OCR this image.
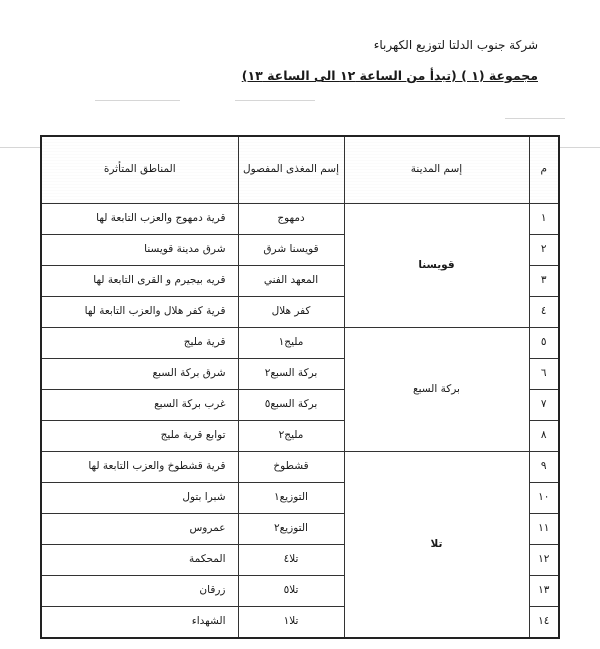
شركة جنوب الدلتا لتوزيع الكهرباء
مجموعة (١ ) (تبدأ من الساعة ١٢ الى الساعة ١٣)
م	إسم المدينة	إسم المغذى المفصول	المناطق المتأثرة
١	قويسنا	دمهوج	قرية دمهوج والعزب التابعة لها
٢		قويسنا شرق	شرق مدينة قويسنا
٣		المعهد الفني	قريه بيجيرم و القرى التابعة لها
٤		كفر هلال	قرية كفر هلال والعزب التابعة لها
٥	بركة السبع	مليج١	قرية مليج
٦		بركة السبع٢	شرق بركة السبع
٧		بركة السبع٥	غرب بركة السبع
٨		مليج٢	توابع قرية مليج
٩	تلا	قشطوخ	قرية قشطوخ والعزب التابعة لها
١٠		التوزيع١	شبرا بتول
١١		التوزيع٢	عمروس
١٢		تلا٤	المحكمة
١٣		تلا٥	زرقان
١٤		تلا١	الشهداء
